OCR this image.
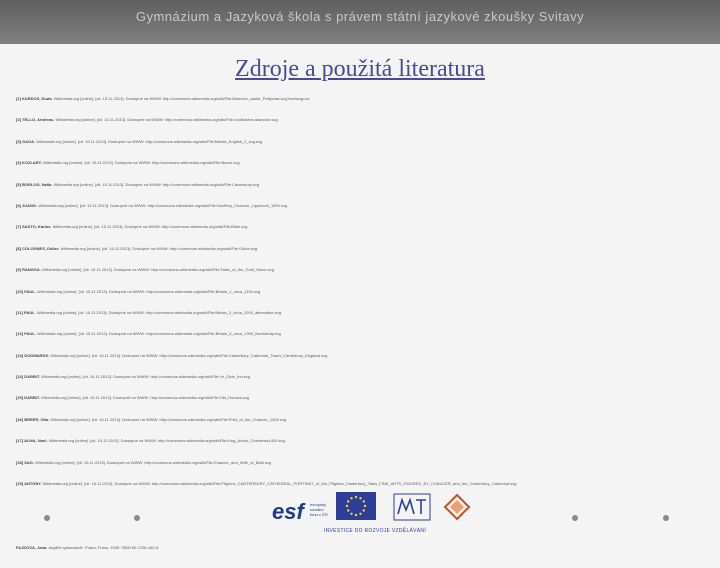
Gymnázium a Jazyková škola s právem státní jazykové zkoušky Svitavy
Zdroje a použitá literatura
[1] KARDOS, Duda. Wikimedia.org [online]. [cit. 15.11.2013]. Dostupné na WWW: http://commons.wikimedia.org/wiki/File:Bolsover_castle_Pettycoat.svg?uselang=cs
[2] TELLO, Andreas. Wikimedia.org [online]. [cit. 15.11.2013]. Dostupné na WWW: http://commons.wikimedia.org/wiki/File:Lindisfarne.abandon.svg
[3] GAGA. Wikimedia.org [online]. [cit. 15.11.2013]. Dostupné na WWW: http://commons.wikimedia.org/wiki/File:Middle_English_2_svg.svg
[4] KOZLARY. Wikimedia.org [online]. [cit. 15.11.2013]. Dostupné na WWW: http://commons.wikimedia.org/wiki/File:Beorn.svg
[5] BORLOG, Naïla. Wikimedia.org [online]. [cit. 15.11.2013]. Dostupné na WWW: http://commons.wikimedia.org/wiki/File:Canterbury.svg
[6] JUANG. Wikimedia.org [online]. [cit. 15.11.2013]. Dostupné na WWW: http://commons.wikimedia.org/wiki/File:Geoffrey_Chaucer_Lippincott_1900.svg
[7] SASTO, Karlos. Wikimedia.org [online]. [cit. 15.11.2013]. Dostupné na WWW: http://commons.wikimedia.org/wiki/File:Bible.svg
[8] COLOGNES, Didier. Wikimedia.org [online]. [cit. 15.11.2013]. Dostupné na WWW: http://commons.wikimedia.org/wiki/File:Globe.svg
[9] RANGGA. Wikimedia.org [online]. [cit. 15.11.2013]. Dostupné na WWW: http://commons.wikimedia.org/wiki/File:Tales_of_the_Gold_Stone.svg
[10] PAUL. Wikimedia.org [online]. [cit. 15.11.2013]. Dostupné na WWW: http://commons.wikimedia.org/wiki/File:Britain_1_circa_1100.svg
[11] PAUL. Wikimedia.org [online]. [cit. 15.11.2013]. Dostupné na WWW: http://commons.wikimedia.org/wiki/File:Britain_2_circa_1200_alternative.svg
[12] PAUL. Wikimedia.org [online]. [cit. 15.11.2013]. Dostupné na WWW: http://commons.wikimedia.org/wiki/File:Britain_3_circa_1300_Normandy.svg
[13] DODWARDS. Wikimedia.org [online]. [cit. 15.11.2013]. Dostupné na WWW: http://commons.wikimedia.org/wiki/File:Canterbury_Cathedral_Tower_Canterbury_England.svg
[14] DARBIT. Wikimedia.org [online]. [cit. 15.11.2013]. Dostupné na WWW: http://commons.wikimedia.org/wiki/File:Ye_Olde_Inn.svg
[15] DARBIT. Wikimedia.org [online]. [cit. 15.11.2013]. Dostupné na WWW: http://commons.wikimedia.org/wiki/File:Old_Houses.svg
[16] BREER, Olla. Wikimedia.org [online]. [cit. 15.11.2013]. Dostupné na WWW: http://commons.wikimedia.org/wiki/File:Print_of_the_Chaucer_1400.svg
[17] ALMA, Noel. Wikimedia.org [online]. [cit. 15.11.2013]. Dostupné na WWW: http://commons.wikimedia.org/wiki/File:King_Arthur_Christmas1400.svg
[18] SAG. Wikimedia.org [online]. [cit. 15.11.2013]. Dostupné na WWW: http://commons.wikimedia.org/wiki/File:Chaucer_and_Wife_of_Bath.svg
[19] ANTONY. Wikimedia.org [online]. [cit. 15.11.2013]. Dostupné na WWW: http://commons.wikimedia.org/wiki/File:Pilgrims_CANTERBURY_CATHEDRAL_PORTRAIT_of_the_Pilgrims_Canterbury_Tales_FINE_ARTS_FIGURES_BY_CHAUCER_and_the_Canterbury_Cathedral.svg
FAJKOVÁ, Jana. Angličtí spisovatelé. Praha: Fraus, 2005. ISBN 80-7238-460-5.
esf	evropský
sociální
fond v ČR
INVESTICE DO ROZVOJE VZDĚLÁVÁNÍ
